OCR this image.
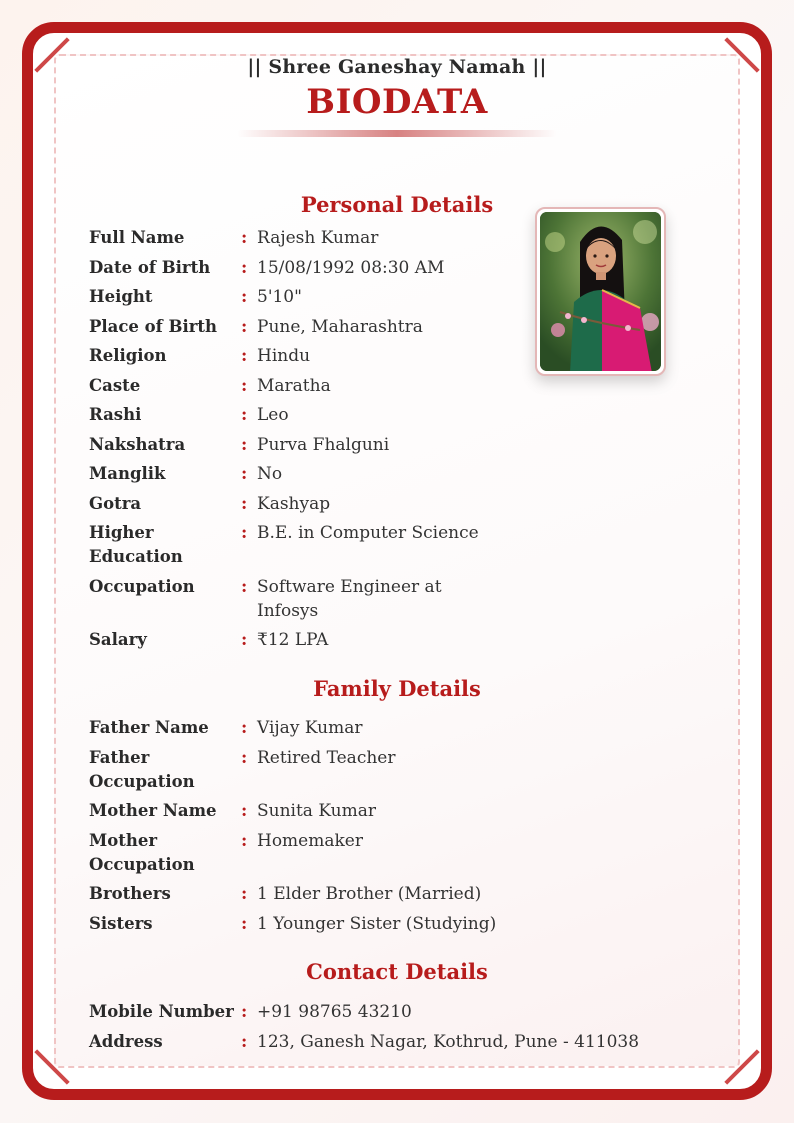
|| Shree Ganeshay Namah ||
BIODATA
Personal Details
Full Name	: Rajesh Kumar
Date of Birth	: 15/08/1992 08:30 AM
Height	: 5'10"
Place of Birth	: Pune, Maharashtra
Religion	: Hindu
Caste	: Maratha
Rashi	: Leo
Nakshatra	: Purva Fhalguni
Manglik	: No
Gotra	: Kashyap
Higher Education
: B.E. in Computer Science
Occupation	: Software Engineer at Infosys
Salary	: ₹12 LPA
Family Details
Father Name	: Vijay Kumar
Father Occupation
: Retired Teacher
Mother Name	: Sunita Kumar
Mother Occupation
: Homemaker
Brothers	: 1 Elder Brother (Married)
Sisters	: 1 Younger Sister (Studying)
Contact Details
Mobile Number : +91 98765 43210
Address	: 123, Ganesh Nagar, Kothrud, Pune - 411038
